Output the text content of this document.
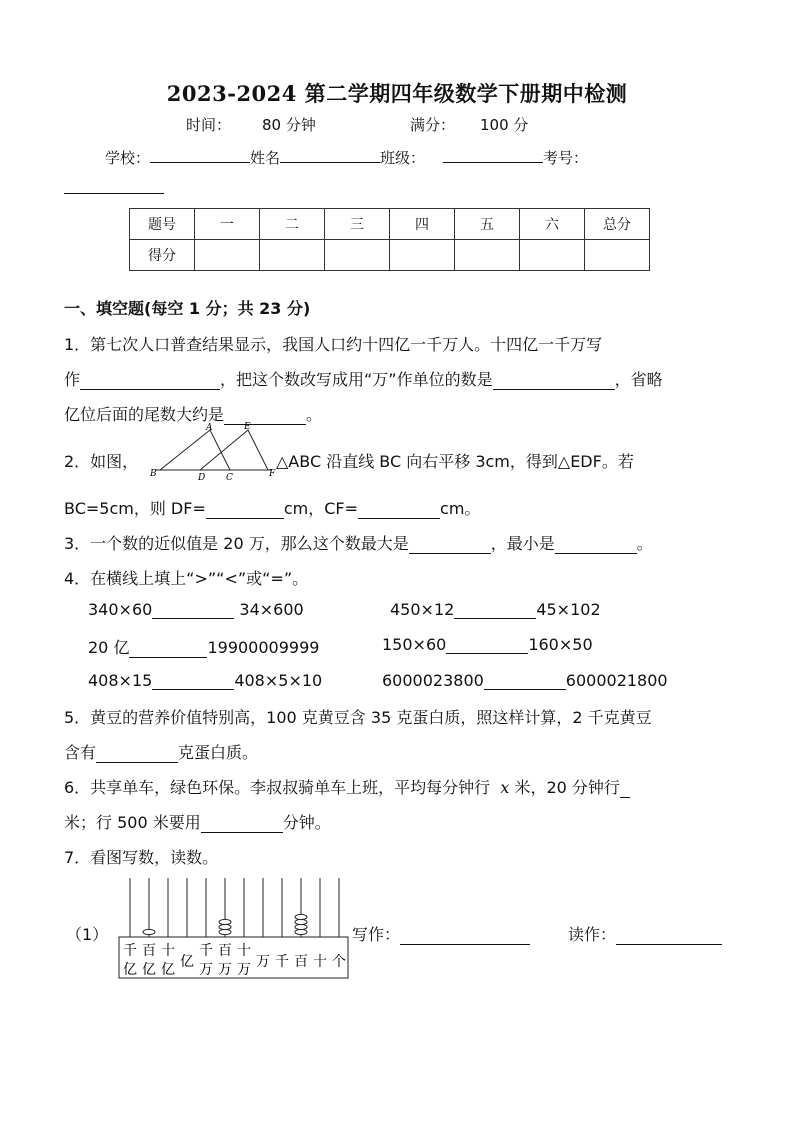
2023-2024 第二学期四年级数学下册期中检测
时间： 80 分钟	满分： 100 分
学校：	姓名	班级：	考号：
题号	一	二	三	四	五	六	总分
得分							
一、填空题(每空 1 分；共 23 分)
1．第七次人口普查结果显示，我国人口约十四亿一千万人。十四亿一千万写
作	，把这个数改写成用“万”作单位的数是	，省略
亿位后面的尾数大约是	。
2．如图，
A
B	C
D
E
F
△ABC 沿直线 BC 向右平移 3cm，得到△EDF。若
BC=5cm，则 DF=	cm，CF=	cm。
3．一个数的近似值是 20 万，那么这个数最大是	，最小是	。
4．在横线上填上“>”“<”或“=”。
340×60	34×600	450×12	45×102
20 亿	19900009999	150×60	160×50
408×15	408×5×10	6000023800	6000021800
5．黄豆的营养价值特别高，100 克黄豆含 35 克蛋白质，照这样计算，2 千克黄豆
含有	克蛋白质。
6．共享单车，绿色环保。李叔叔骑单车上班，平均每分钟行 x 米，20 分钟行
米；行 500 米要用	分钟。
7．看图写数，读数。
（1）
千
亿
百
亿
十
亿 亿
千
万
百
万
十
万 万 千 百 十 个
写作：	读作：
